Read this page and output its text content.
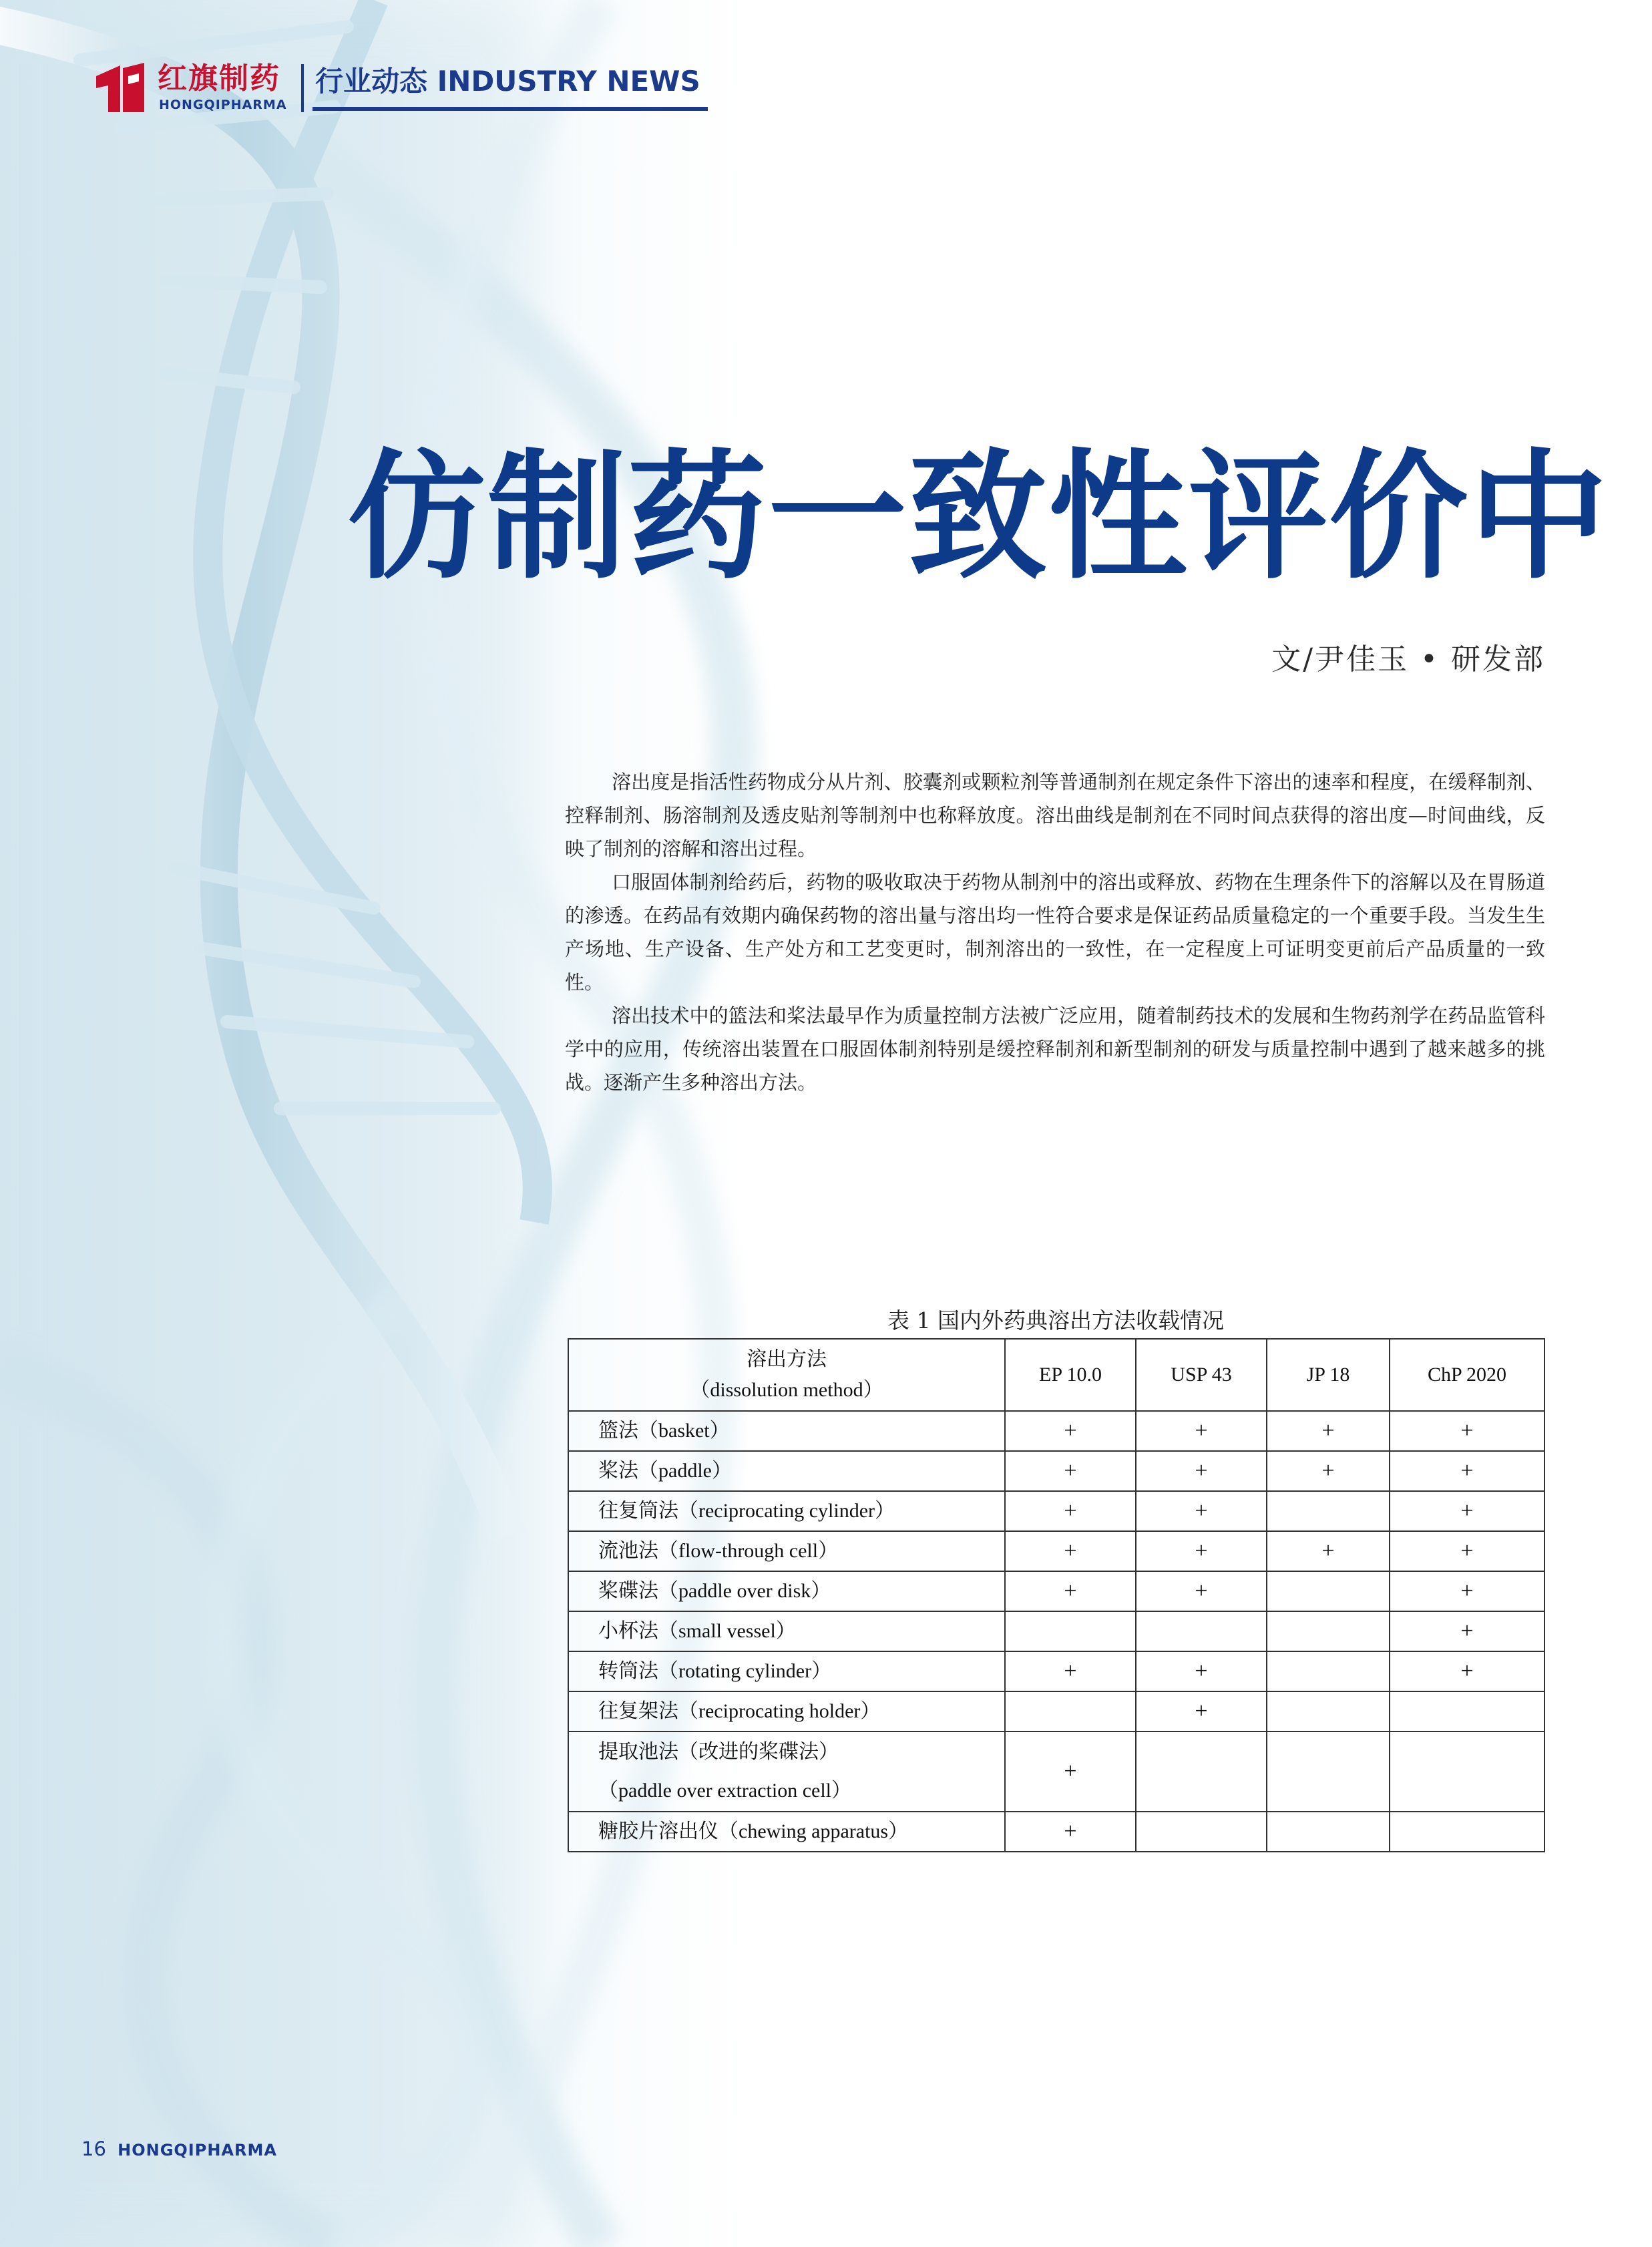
红旗制药
HONGQIPHARMA
行业动态 INDUSTRY NEWS
仿制药一致性评价中
文/尹佳玉 • 研发部

溶出度是指活性药物成分从片剂、胶囊剂或颗粒剂等普通制剂在规定条件下溶出的速率和程度，在缓释制剂、控释制剂、肠溶制剂及透皮贴剂等制剂中也称释放度。溶出曲线是制剂在不同时间点获得的溶出度—时间曲线，反映了制剂的溶解和溶出过程。

口服固体制剂给药后，药物的吸收取决于药物从制剂中的溶出或释放、药物在生理条件下的溶解以及在胃肠道的渗透。在药品有效期内确保药物的溶出量与溶出均一性符合要求是保证药品质量稳定的一个重要手段。当发生生产场地、生产设备、生产处方和工艺变更时，制剂溶出的一致性，在一定程度上可证明变更前后产品质量的一致性。

溶出技术中的篮法和桨法最早作为质量控制方法被广泛应用，随着制药技术的发展和生物药剂学在药品监管科学中的应用，传统溶出装置在口服固体制剂特别是缓控释制剂和新型制剂的研发与质量控制中遇到了越来越多的挑战。逐渐产生多种溶出方法。

表 1 国内外药典溶出方法收载情况
溶出方法
（dissolution method）	EP 10.0	USP 43	JP 18	ChP 2020

篮法（basket）	+	+	+	+

桨法（paddle）	+	+	+	+

往复筒法（reciprocating cylinder）	+	+		+

流池法（flow-through cell）	+	+	+	+

桨碟法（paddle over disk）	+	+		+

小杯法（small vessel）				+

转筒法（rotating cylinder）	+	+		+

往复架法（reciprocating holder）		+		

提取池法（改进的桨碟法）
（paddle over extraction cell）	+			

糖胶片溶出仪（chewing apparatus）	+			
16 HONGQIPHARMA
